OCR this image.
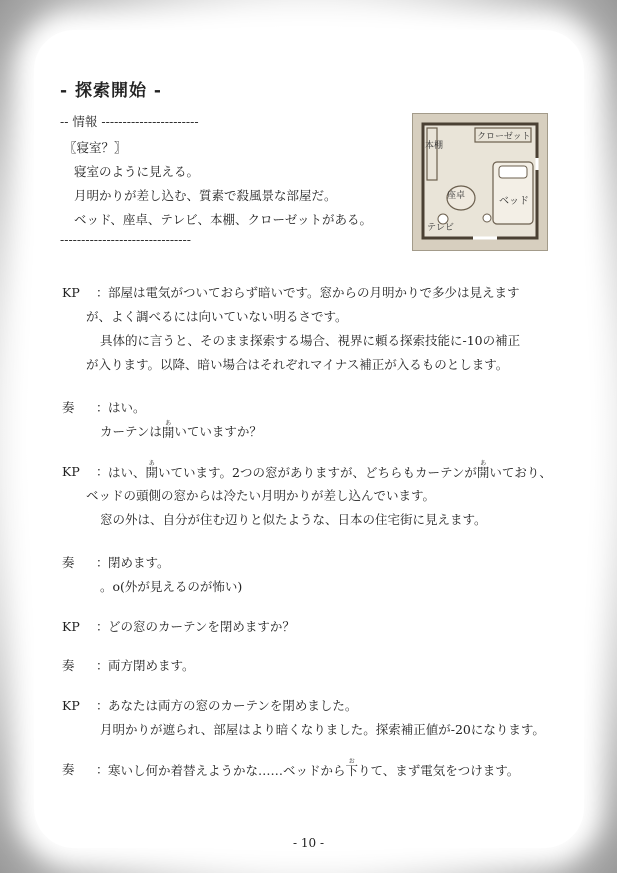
- 探索開始 -
-- 情報 -----------------------
〖寝室？〗
寝室のように見える。
月明かりが差し込む、質素で殺風景な部屋だ。
ベッド、座卓、テレビ、本棚、クローゼットがある。
-------------------------------
本棚
クローゼット
座卓	ベッド
テレビ
KP	： 部屋は電気がついておらず暗いです。窓からの月明かりで多少は見えます
が、よく調べるには向いていない明るさです。
具体的に言うと、そのまま探索する場合、視界に頼る探索技能に-10の補正
が入ります。以降、暗い場合はそれぞれマイナス補正が入るものとします。
奏	： はい。
カーテンは 開あ
いていますか？
KP	： はい、開あいています。2つの窓がありますが、どちらもカーテンが開あいており、
ベッドの頭側の窓からは冷たい月明かりが差し込んでいます。
窓の外は、自分が住む辺りと似たような、日本の住宅街に見えます。
奏	： 閉めます。
。o(外が見えるのが怖い)
KP	： どの窓のカーテンを閉めますか？
奏	： 両方閉めます。
KP	： あなたは両方の窓のカーテンを閉めました。
月明かりが遮られ、部屋はより暗くなりました。探索補正値が-20になります。
奏	： 寒いし何か着替えようかな……ベッドから下おりて、まず電気をつけます。
- 10 -
